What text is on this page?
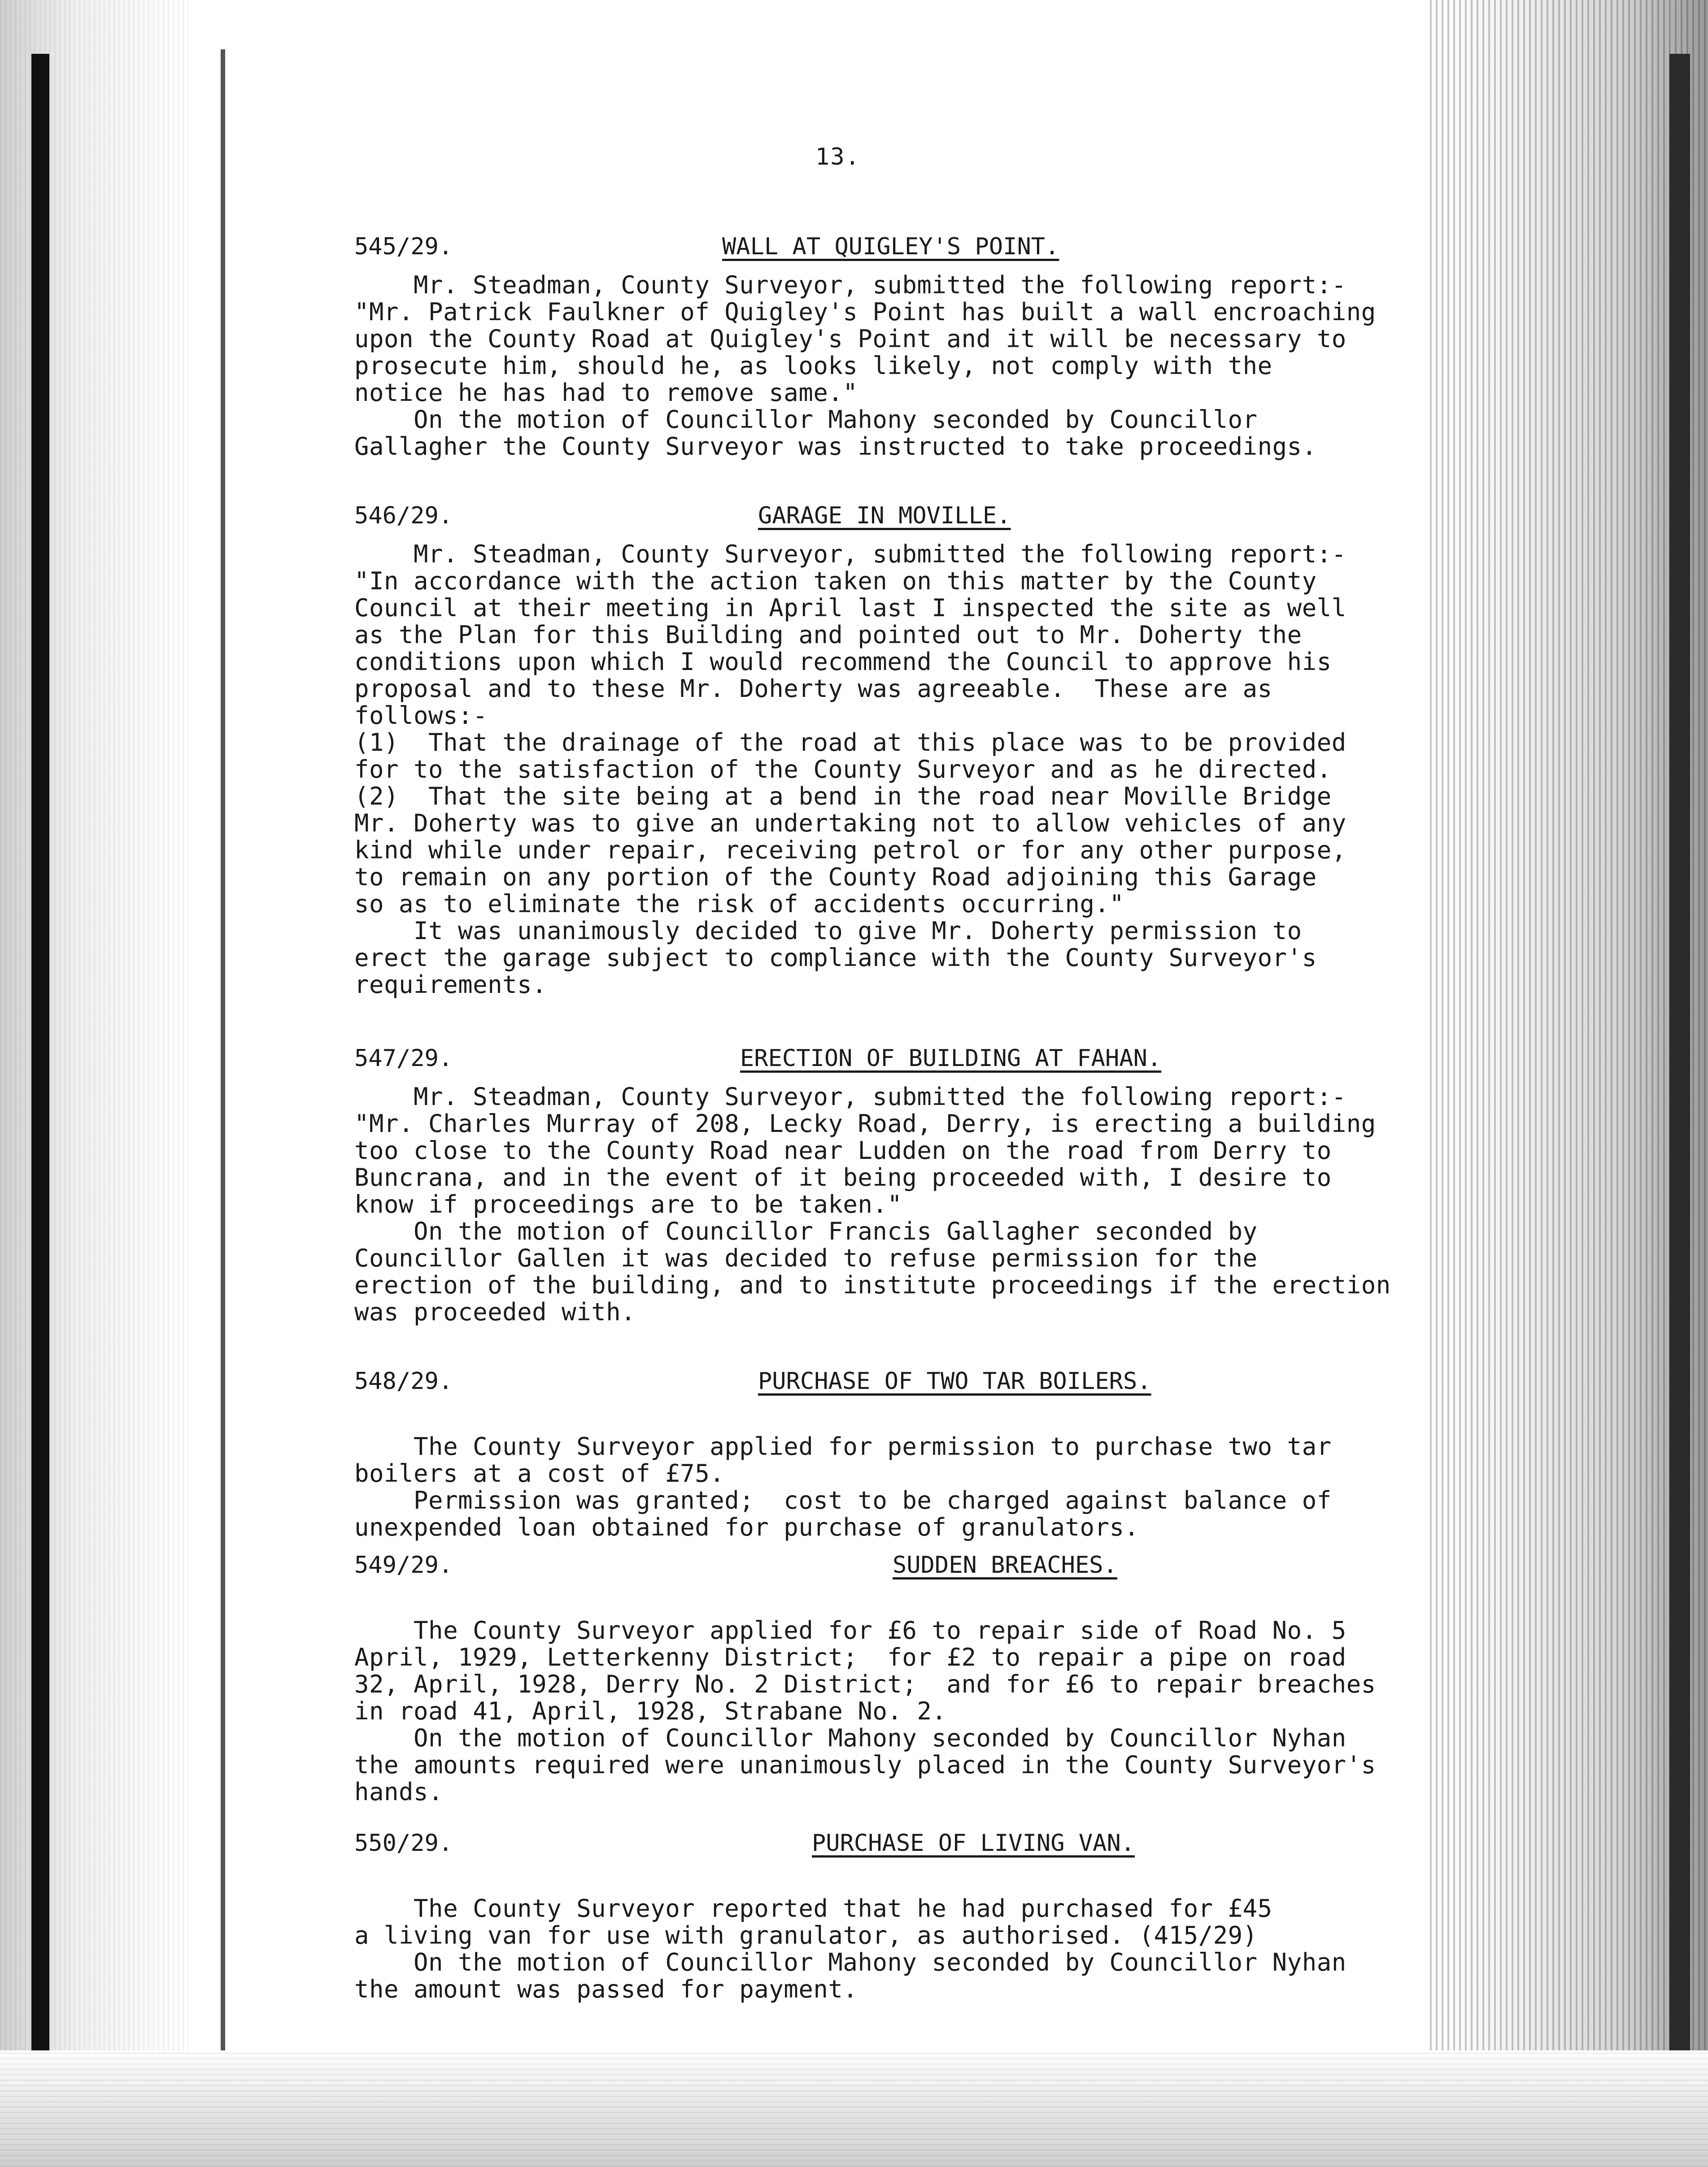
13.
545/29.	WALL AT QUIGLEY'S POINT.
Mr. Steadman, County Surveyor, submitted the following report:-
"Mr. Patrick Faulkner of Quigley's Point has built a wall encroaching
upon the County Road at Quigley's Point and it will be necessary to
prosecute him, should he, as looks likely, not comply with the
notice he has had to remove same."
On the motion of Councillor Mahony seconded by Councillor
Gallagher the County Surveyor was instructed to take proceedings.
546/29.	GARAGE IN MOVILLE.
Mr. Steadman, County Surveyor, submitted the following report:-
"In accordance with the action taken on this matter by the County
Council at their meeting in April last I inspected the site as well
as the Plan for this Building and pointed out to Mr. Doherty the
conditions upon which I would recommend the Council to approve his
proposal and to these Mr. Doherty was agreeable.  These are as
follows:-
(1)  That the drainage of the road at this place was to be provided
for to the satisfaction of the County Surveyor and as he directed.
(2)  That the site being at a bend in the road near Moville Bridge
Mr. Doherty was to give an undertaking not to allow vehicles of any
kind while under repair, receiving petrol or for any other purpose,
to remain on any portion of the County Road adjoining this Garage
so as to eliminate the risk of accidents occurring."
It was unanimously decided to give Mr. Doherty permission to
erect the garage subject to compliance with the County Surveyor's
requirements.
547/29.	ERECTION OF BUILDING AT FAHAN.
Mr. Steadman, County Surveyor, submitted the following report:-
"Mr. Charles Murray of 208, Lecky Road, Derry, is erecting a building
too close to the County Road near Ludden on the road from Derry to
Buncrana, and in the event of it being proceeded with, I desire to
know if proceedings are to be taken."
On the motion of Councillor Francis Gallagher seconded by
Councillor Gallen it was decided to refuse permission for the
erection of the building, and to institute proceedings if the erection
was proceeded with.
548/29.	PURCHASE OF TWO TAR BOILERS.

The County Surveyor applied for permission to purchase two tar
boilers at a cost of £75.
Permission was granted;  cost to be charged against balance of
unexpended loan obtained for purchase of granulators.
549/29.	SUDDEN BREACHES.

The County Surveyor applied for £6 to repair side of Road No. 5
April, 1929, Letterkenny District;  for £2 to repair a pipe on road
32, April, 1928, Derry No. 2 District;  and for £6 to repair breaches
in road 41, April, 1928, Strabane No. 2.
On the motion of Councillor Mahony seconded by Councillor Nyhan
the amounts required were unanimously placed in the County Surveyor's
hands.
550/29.	PURCHASE OF LIVING VAN.

The County Surveyor reported that he had purchased for £45
a living van for use with granulator, as authorised. (415/29)
On the motion of Councillor Mahony seconded by Councillor Nyhan
the amount was passed for payment.
